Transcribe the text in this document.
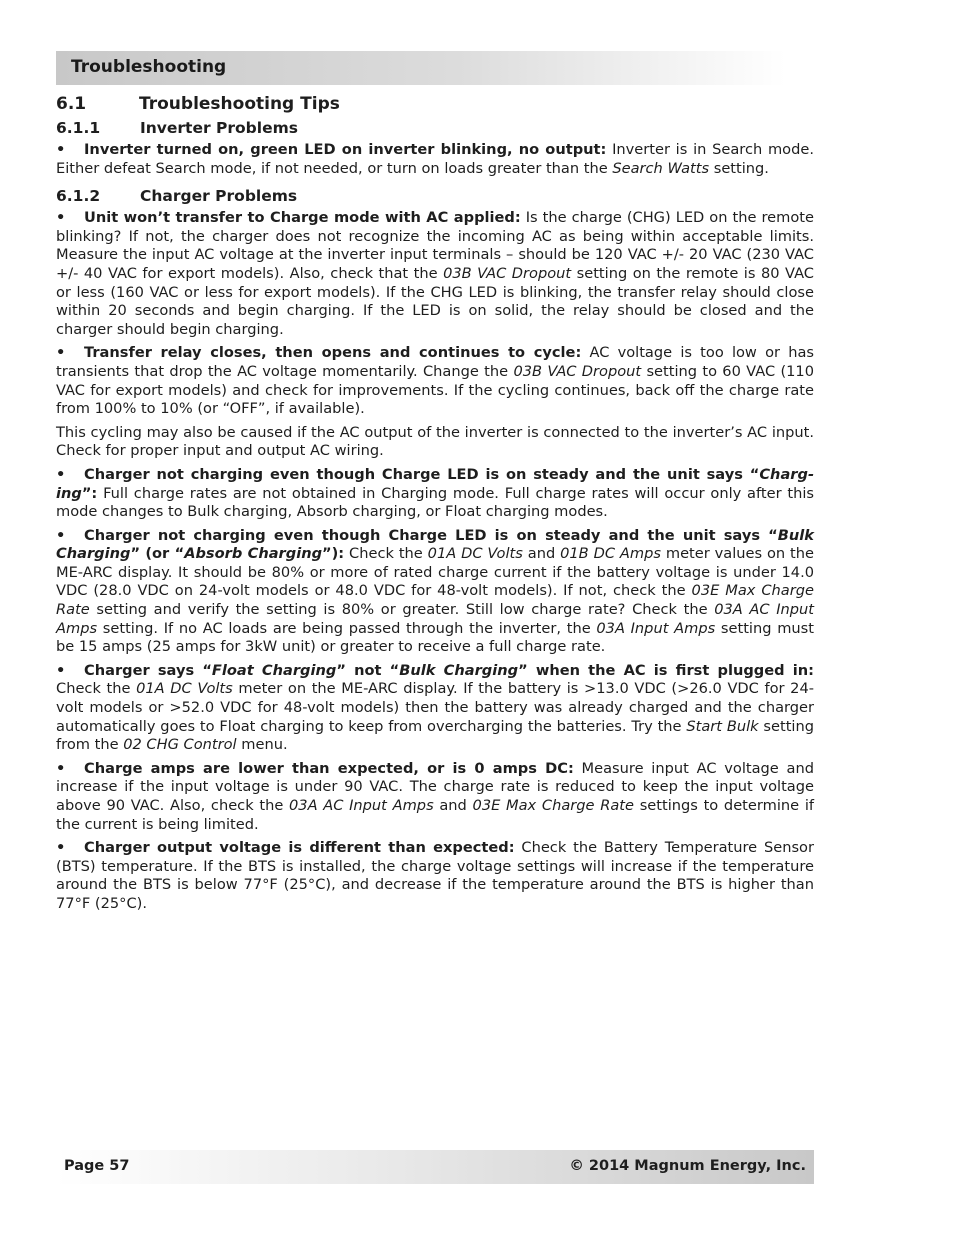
Troubleshooting
6.1	Troubleshooting Tips
6.1.1	Inverter Problems

• Inverter turned on, green LED on inverter blinking, no output: Inverter is in Search mode. Either defeat Search mode, if not needed, or turn on loads greater than the Search Watts setting.

6.1.2	Charger Problems

• Unit won’t transfer to Charge mode with AC applied: Is the charge (CHG) LED on the remote blinking? If not, the charger does not recognize the incoming AC as being within acceptable limits. Measure the input AC voltage at the inverter input terminals – should be 120 VAC +/- 20 VAC (230 VAC +/- 40 VAC for export models). Also, check that the 03B VAC Dropout setting on the remote is 80 VAC or less (160 VAC or less for export models). If the CHG LED is blinking, the transfer relay should close within 20 seconds and begin charging. If the LED is on solid, the relay should be closed and the charger should begin charging.

• Transfer relay closes, then opens and continues to cycle: AC voltage is too low or has transients that drop the AC voltage momentarily. Change the 03B VAC Dropout setting to 60 VAC (110 VAC for export models) and check for improvements. If the cycling continues, back off the charge rate from 100% to 10% (or “OFF”, if available).

This cycling may also be caused if the AC output of the inverter is connected to the inverter’s AC input. Check for proper input and output AC wiring.

• Charger not charging even though Charge LED is on steady and the unit says “Charging”: Full charge rates are not obtained in Charging mode. Full charge rates will occur only after this mode changes to Bulk charging, Absorb charging, or Float charging modes.

• Charger not charging even though Charge LED is on steady and the unit says “Bulk Charging” (or “Absorb Charging”): Check the 01A DC Volts and 01B DC Amps meter values on the ME-ARC display. It should be 80% or more of rated charge current if the battery voltage is under 14.0 VDC (28.0 VDC on 24-volt models or 48.0 VDC for 48-volt models). If not, check the 03E Max Charge Rate setting and verify the setting is 80% or greater. Still low charge rate? Check the 03A AC Input Amps setting. If no AC loads are being passed through the inverter, the 03A Input Amps setting must be 15 amps (25 amps for 3kW unit) or greater to receive a full charge rate.

• Charger says “Float Charging” not “Bulk Charging” when the AC is first plugged in: Check the 01A DC Volts meter on the ME-ARC display. If the battery is >13.0 VDC (>26.0 VDC for 24-volt models or >52.0 VDC for 48-volt models) then the battery was already charged and the charger automatically goes to Float charging to keep from overcharging the batteries. Try the Start Bulk setting from the 02 CHG Control menu.

• Charge amps are lower than expected, or is 0 amps DC: Measure input AC voltage and increase if the input voltage is under 90 VAC. The charge rate is reduced to keep the input voltage above 90 VAC. Also, check the 03A AC Input Amps and 03E Max Charge Rate settings to determine if the current is being limited.

• Charger output voltage is different than expected: Check the Battery Temperature Sensor (BTS) temperature. If the BTS is installed, the charge voltage settings will increase if the temperature around the BTS is below 77°F (25°C), and decrease if the temperature around the BTS is higher than 77°F (25°C).

Page 57	© 2014 Magnum Energy, Inc.
